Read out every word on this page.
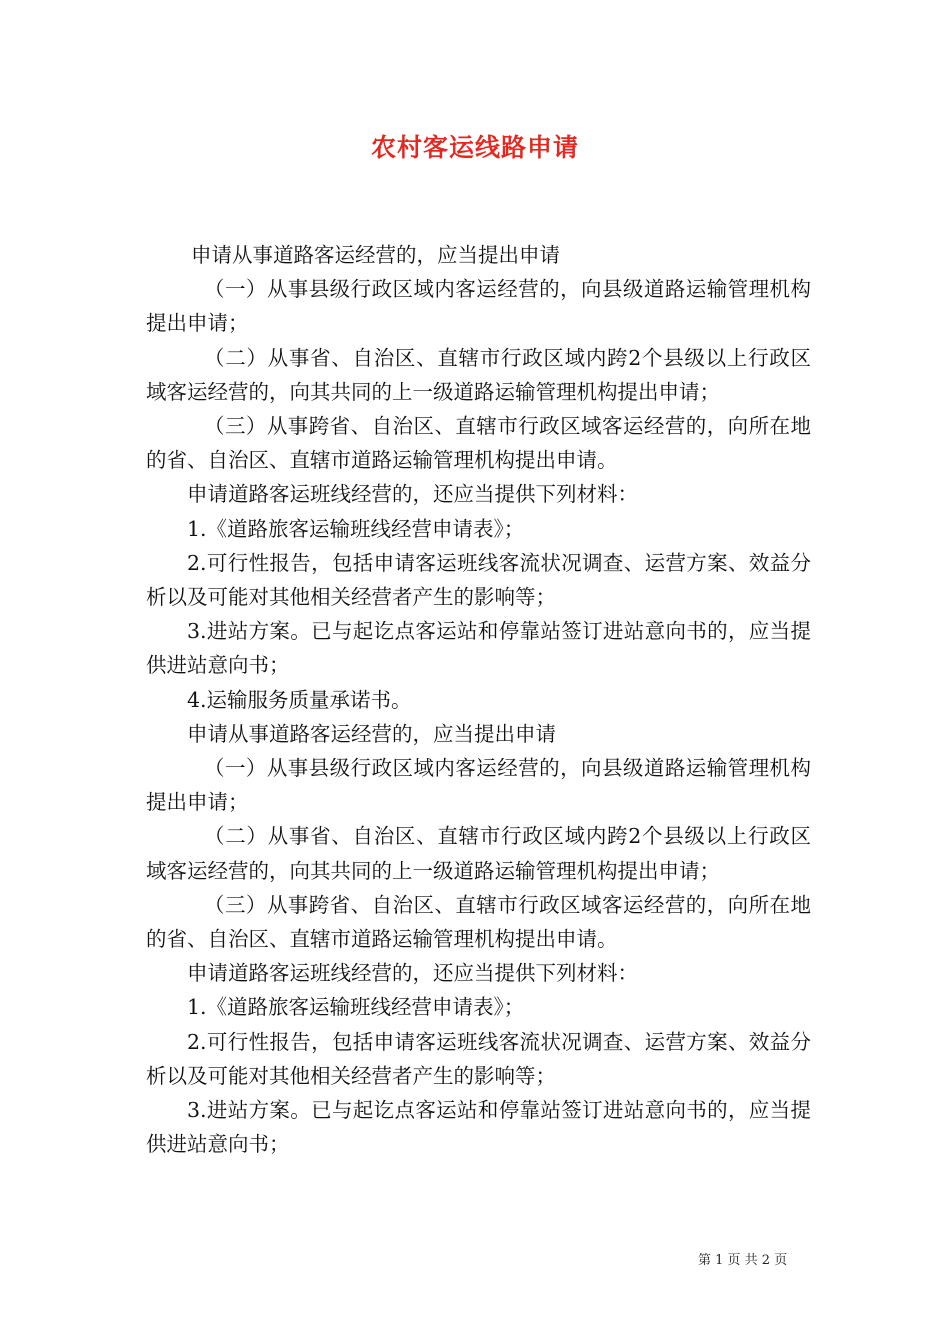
农村客运线路申请

申请从事道路客运经营的，应当提出申请

（一）从事县级行政区域内客运经营的，向县级道路运输管理机构提出申请；

（二）从事省、自治区、直辖市行政区域内跨2个县级以上行政区域客运经营的，向其共同的上一级道路运输管理机构提出申请；

（三）从事跨省、自治区、直辖市行政区域客运经营的，向所在地的省、自治区、直辖市道路运输管理机构提出申请。

申请道路客运班线经营的，还应当提供下列材料：

1.《道路旅客运输班线经营申请表》；

2.可行性报告，包括申请客运班线客流状况调查、运营方案、效益分析以及可能对其他相关经营者产生的影响等；

3.进站方案。已与起讫点客运站和停靠站签订进站意向书的，应当提供进站意向书；

4.运输服务质量承诺书。

申请从事道路客运经营的，应当提出申请

（一）从事县级行政区域内客运经营的，向县级道路运输管理机构提出申请；

（二）从事省、自治区、直辖市行政区域内跨2个县级以上行政区域客运经营的，向其共同的上一级道路运输管理机构提出申请；

（三）从事跨省、自治区、直辖市行政区域客运经营的，向所在地的省、自治区、直辖市道路运输管理机构提出申请。

申请道路客运班线经营的，还应当提供下列材料：

1.《道路旅客运输班线经营申请表》；

2.可行性报告，包括申请客运班线客流状况调查、运营方案、效益分析以及可能对其他相关经营者产生的影响等；

3.进站方案。已与起讫点客运站和停靠站签订进站意向书的，应当提供进站意向书；

第 1 页 共 2 页
